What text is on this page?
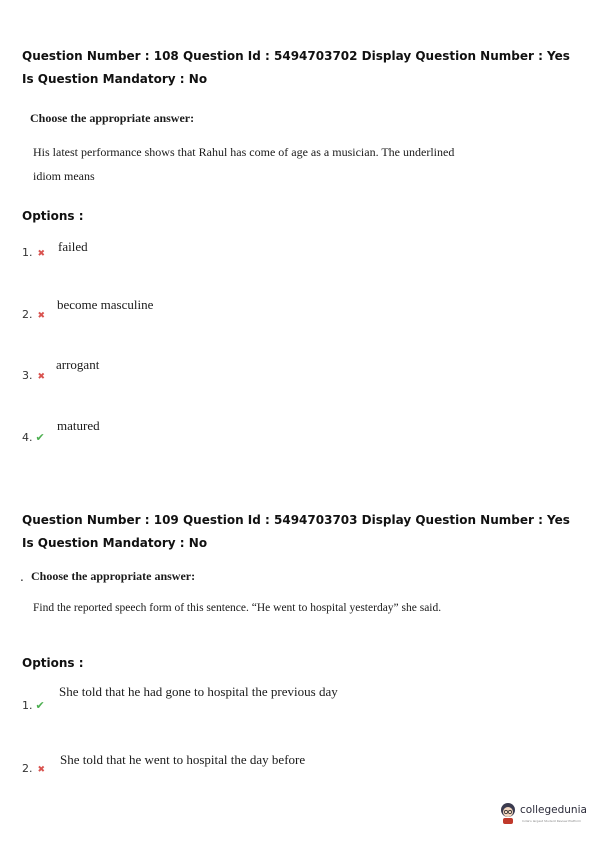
Question Number : 108 Question Id : 5494703702 Display Question Number : Yes Is Question Mandatory : No
Choose the appropriate answer:
His latest performance shows that Rahul has come of age as a musician. The underlined idiom means
Options :
1. ✖ failed
2. ✖
become masculine
3. ✖
arrogant
4. ✔
matured
Question Number : 109 Question Id : 5494703703 Display Question Number : Yes Is Question Mandatory : No
. Choose the appropriate answer:
Find the reported speech form of this sentence. “He went to hospital yesterday” she said.
Options :
1. ✔
She told that he had gone to hospital the previous day
2. ✖
She told that he went to hospital the day before
collegedunia
India's largest Student Review Platform
